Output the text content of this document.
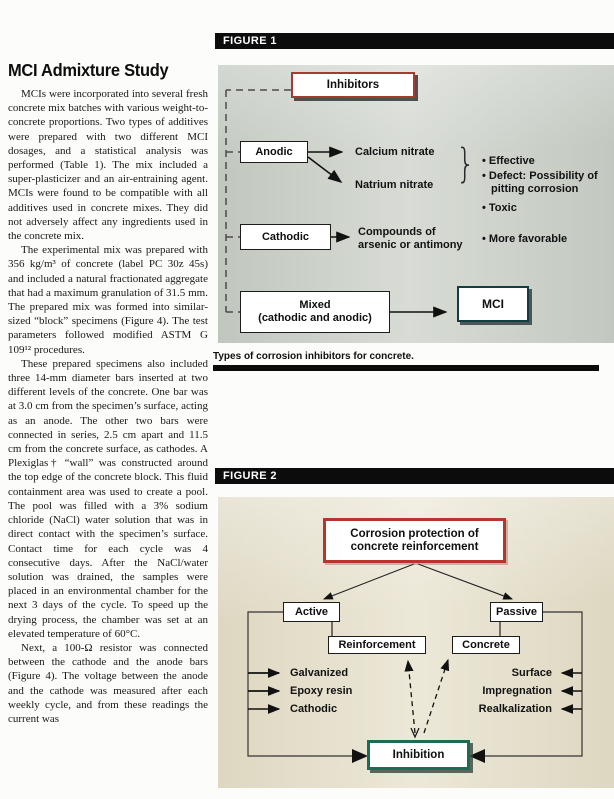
MCI Admixture Study

MCIs were incorporated into several fresh concrete mix batches with various weight-to-concrete proportions. Two types of additives were prepared with two different MCI dosages, and a statistical analysis was performed (Table 1). The mix included a super-plasticizer and an air-entraining agent. MCIs were found to be compatible with all additives used in concrete mixes. They did not adversely affect any ingredients used in the concrete mix.

The experimental mix was prepared with 356 kg/m³ of concrete (label PC 30z 45s) and included a natural fractionated aggregate that had a maximum granulation of 31.5 mm. The prepared mix was formed into similar-sized “block” specimens (Figure 4). The test parameters followed modified ASTM G 109¹² procedures.

These prepared specimens also included three 14-mm diameter bars inserted at two different levels of the concrete. One bar was at 3.0 cm from the specimen’s surface, acting as an anode. The other two bars were connected in series, 2.5 cm apart and 11.5 cm from the concrete surface, as cathodes. A Plexiglas† “wall” was constructed around the top edge of the concrete block. This fluid containment area was used to create a pool. The pool was filled with a 3% sodium chloride (NaCl) water solution that was in direct contact with the specimen’s surface. Contact time for each cycle was 4 consecutive days. After the NaCl/water solution was drained, the samples were placed in an environmental chamber for the next 3 days of the cycle. To speed up the drying process, the chamber was set at an elevated temperature of 60°C.

Next, a 100-Ω resistor was connected between the cathode and the anode bars (Figure 4). The voltage between the anode and the cathode was measured after each weekly cycle, and from these readings the current was

FIGURE 1
Inhibitors
Anodic	Calcium nitrate
Natrium nitrate } • Effective
• Defect: Possibility of pitting corrosion
• Toxic
Cathodic	Compounds of
arsenic or antimony • More favorable
Mixed
(cathodic and anodic)
MCI
Types of corrosion inhibitors for concrete.
FIGURE 2
Corrosion protection of
concrete reinforcement
Active	Passive
Reinforcement	Concrete
Galvanized
Epoxy resin
Cathodic
Surface
Impregnation
Realkalization
Inhibition
